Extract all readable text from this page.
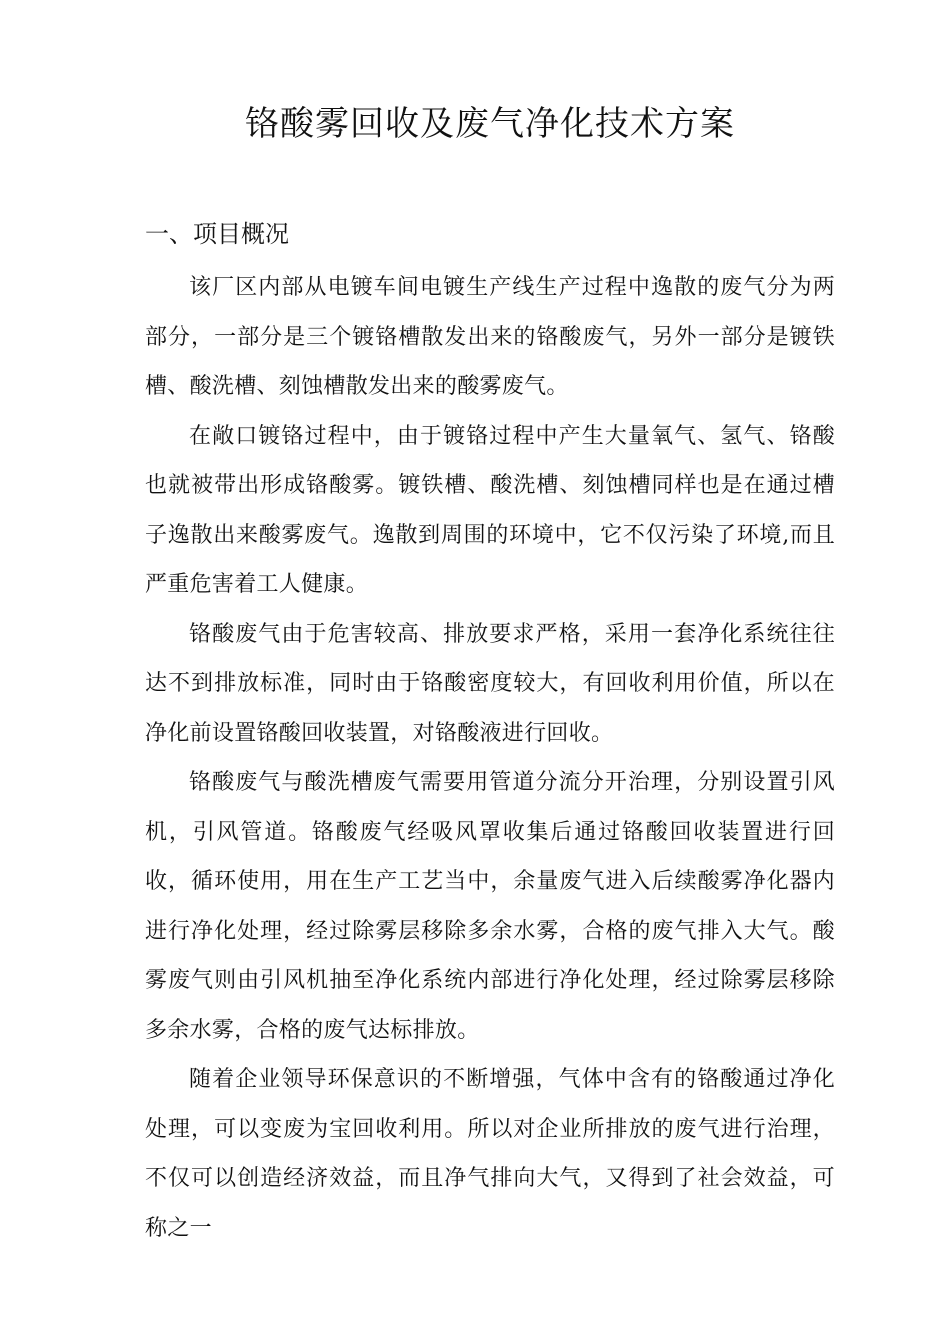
铬酸雾回收及废气净化技术方案
一、项目概况

该厂区内部从电镀车间电镀生产线生产过程中逸散的废气分为两部分，一部分是三个镀铬槽散发出来的铬酸废气，另外一部分是镀铁槽、酸洗槽、刻蚀槽散发出来的酸雾废气。

在敞口镀铬过程中，由于镀铬过程中产生大量氧气、氢气、铬酸也就被带出形成铬酸雾。镀铁槽、酸洗槽、刻蚀槽同样也是在通过槽子逸散出来酸雾废气。逸散到周围的环境中，它不仅污染了环境,而且严重危害着工人健康。

铬酸废气由于危害较高、排放要求严格，采用一套净化系统往往达不到排放标准，同时由于铬酸密度较大，有回收利用价值，所以在净化前设置铬酸回收装置，对铬酸液进行回收。

铬酸废气与酸洗槽废气需要用管道分流分开治理，分别设置引风机，引风管道。铬酸废气经吸风罩收集后通过铬酸回收装置进行回收，循环使用，用在生产工艺当中，余量废气进入后续酸雾净化器内进行净化处理，经过除雾层移除多余水雾，合格的废气排入大气。酸雾废气则由引风机抽至净化系统内部进行净化处理，经过除雾层移除多余水雾，合格的废气达标排放。

随着企业领导环保意识的不断增强，气体中含有的铬酸通过净化处理，可以变废为宝回收利用。所以对企业所排放的废气进行治理，不仅可以创造经济效益，而且净气排向大气，又得到了社会效益，可称之一
